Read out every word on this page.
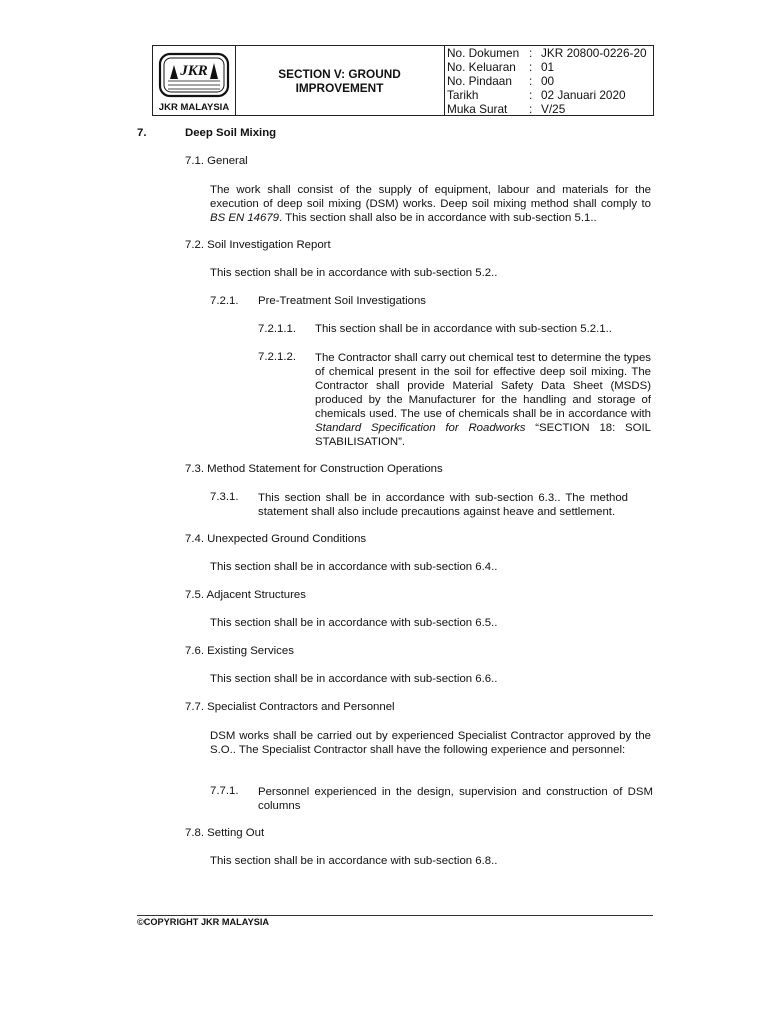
JKR
JKR MALAYSIA
SECTION V: GROUND IMPROVEMENT
No. Dokumen : JKR 20800-0226-20
No. Keluaran	: 01
No. Pindaan	: 00
Tarikh	: 02 Januari 2020
Muka Surat	: V/25
7.	Deep Soil Mixing
7.1. General
The work shall consist of the supply of equipment, labour and materials for the execution of deep soil mixing (DSM) works. Deep soil mixing method shall comply to BS EN 14679. This section shall also be in accordance with sub-section 5.1..
7.2. Soil Investigation Report
This section shall be in accordance with sub-section 5.2..
7.2.1. Pre-Treatment Soil Investigations
7.2.1.1. This section shall be in accordance with sub-section 5.2.1..
7.2.1.2. The Contractor shall carry out chemical test to determine the types of chemical present in the soil for effective deep soil mixing. The Contractor shall provide Material Safety Data Sheet (MSDS) produced by the Manufacturer for the handling and storage of chemicals used. The use of chemicals shall be in accordance with Standard Specification for Roadworks “SECTION 18: SOIL STABILISATION”.
7.3. Method Statement for Construction Operations
7.3.1. This section shall be in accordance with sub-section 6.3.. The method statement shall also include precautions against heave and settlement.
7.4. Unexpected Ground Conditions
This section shall be in accordance with sub-section 6.4..
7.5. Adjacent Structures
This section shall be in accordance with sub-section 6.5..
7.6. Existing Services
This section shall be in accordance with sub-section 6.6..
7.7. Specialist Contractors and Personnel
DSM works shall be carried out by experienced Specialist Contractor approved by the S.O.. The Specialist Contractor shall have the following experience and personnel:
7.7.1. Personnel experienced in the design, supervision and construction of DSM columns
7.8. Setting Out
This section shall be in accordance with sub-section 6.8..
©COPYRIGHT JKR MALAYSIA
